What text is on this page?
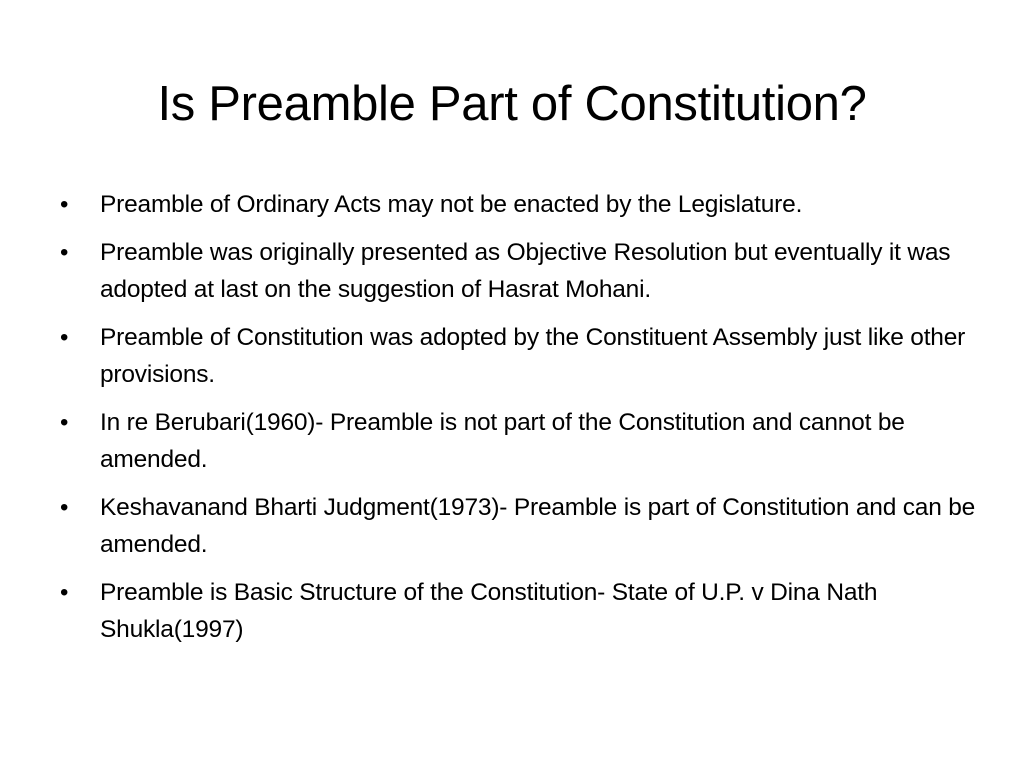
Is Preamble Part of Constitution?
•	Preamble of Ordinary Acts may not be enacted by the Legislature.
•	Preamble was originally presented as Objective Resolution but eventually it was adopted at last on the suggestion of Hasrat Mohani.
•	Preamble of Constitution was adopted by the Constituent Assembly just like other provisions.
•	In re Berubari(1960)- Preamble is not part of the Constitution and cannot be amended.
•	Keshavanand Bharti Judgment(1973)- Preamble is part of Constitution and can be amended.
•	Preamble is Basic Structure of the Constitution- State of U.P. v Dina Nath Shukla(1997)
